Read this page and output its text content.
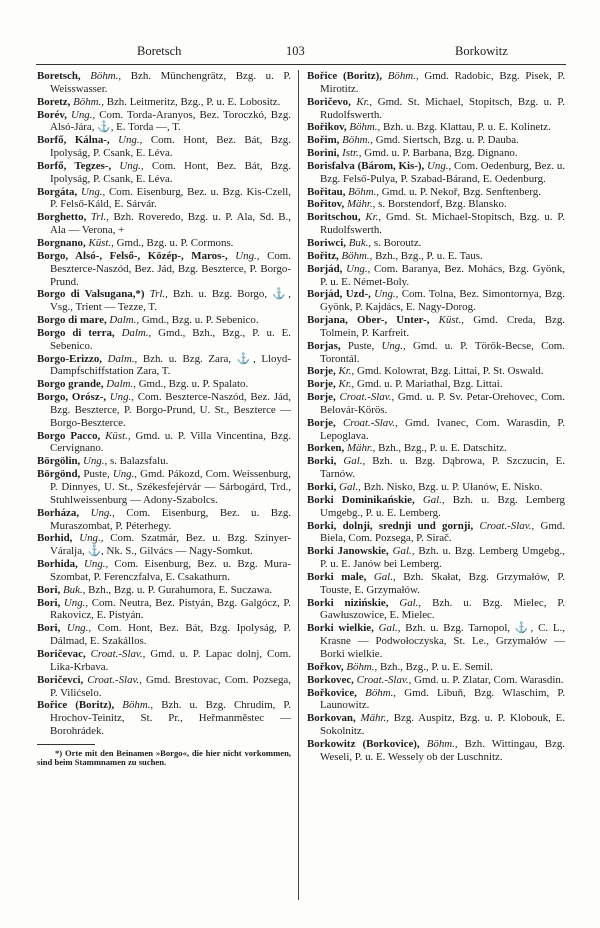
Boretsch	103	Borkowitz
Boretsch, Böhm., Bzh. Münchengrätz, Bzg. u. P. Weisswasser.
Boretz, Böhm., Bzh. Leitmeritz, Bzg., P. u. E. Lobositz.
Borév, Ung., Com. Torda-Aranyos, Bez. Toroczkó, Bzg. Alsó-Jára, ⚓, E. Torda —, T.
Borfő, Kálna-, Ung., Com. Hont, Bez. Bát, Bzg. Ipolyság, P. Csank, E. Léva.
Borfő, Tegzes-, Ung., Com. Hont, Bez. Bát, Bzg. Ipolyság, P. Csank, E. Léva.
Borgáta, Ung., Com. Eisenburg, Bez. u. Bzg. Kis-Czell, P. Felső-Káld, E. Sárvár.
Borghetto, Trl., Bzh. Roveredo, Bzg. u. P. Ala, Sd. B., Ala — Verona, +
Borgnano, Küst., Gmd., Bzg. u. P. Cormons.
Borgo, Alsó-, Felső-, Közép-, Maros-, Ung., Com. Beszterce-Naszód, Bez. Jád, Bzg. Beszterce, P. Borgo-Prund.
Borgo di Valsugana,*) Trl., Bzh. u. Bzg. Borgo, ⚓, Vsg., Trient — Tezze, T.
Borgo di mare, Dalm., Gmd., Bzg. u. P. Sebenico.
Borgo di terra, Dalm., Gmd., Bzh., Bzg., P. u. E. Sebenico.
Borgo-Erizzo, Dalm., Bzh. u. Bzg. Zara, ⚓, Lloyd-Dampfschiffstation Zara, T.
Borgo grande, Dalm., Gmd., Bzg. u. P. Spalato.
Borgo, Orósz-, Ung., Com. Beszterce-Naszód, Bez. Jád, Bzg. Beszterce, P. Borgo-Prund, U. St., Beszterce — Borgo-Beszterce.
Borgo Pacco, Küst., Gmd. u. P. Villa Vincentina, Bzg. Cervignano.
Börgölin, Ung., s. Balazsfalu.
Börgönd, Puste, Ung., Gmd. Pákozd, Com. Weissenburg, P. Dinnyes, U. St., Székesfejérvár — Sárbogárd, Trd., Stuhlweissenburg — Adony-Szabolcs.
Borháza, Ung., Com. Eisenburg, Bez. u. Bzg. Muraszombat, P. Péterhegy.
Borhid, Ung., Com. Szatmár, Bez. u. Bzg. Szinyer-Váralja, ⚓, Nk. S., Gilvács — Nagy-Somkut.
Borhida, Ung., Com. Eisenburg, Bez. u. Bzg. Mura-Szombat, P. Ferenczfalva, E. Csakathurn.
Bori, Buk., Bzh., Bzg. u. P. Gurahumora, E. Suczawa.
Bori, Ung., Com. Neutra, Bez. Pistyán, Bzg. Galgócz, P. Rakovicz, E. Pistyán.
Bori, Ung., Com. Hont, Bez. Bát, Bzg. Ipolyság, P. Dálmad, E. Szakállos.
Boričevac, Croat.-Slav., Gmd. u. P. Lapac dolnj, Com. Lika-Krbava.
Boričevci, Croat.-Slav., Gmd. Brestovac, Com. Pozsega, P. Vilićselo.
Bořice (Boritz), Böhm., Bzh. u. Bzg. Chrudim, P. Hrochov-Teinitz, St. Pr., Heřmanměstec — Borohrádek.
*) Orte mit den Beinamen »Borgo«, die hier nicht vorkommen, sind beim Stammnamen zu suchen.
Bořice (Boritz), Böhm., Gmd. Radobic, Bzg. Pisek, P. Mirotitz.
Boričevo, Kr., Gmd. St. Michael, Stopitsch, Bzg. u. P. Rudolfswerth.
Bořikov, Böhm., Bzh. u. Bzg. Klattau, P. u. E. Kolinetz.
Bořim, Böhm., Gmd. Siertsch, Bzg. u. P. Dauba.
Borini, Istr., Gmd. u. P. Barbana, Bzg. Dignano.
Borisfalva (Bárom, Kis-), Ung., Com. Oedenburg, Bez. u. Bzg. Felső-Pulya, P. Szabad-Bárand, E. Oedenburg.
Bořitau, Böhm., Gmd. u. P. Nekoř, Bzg. Senftenberg.
Bořitov, Mähr., s. Borstendorf, Bzg. Blansko.
Boritschou, Kr., Gmd. St. Michael-Stopitsch, Bzg. u. P. Rudolfswerth.
Boriwci, Buk., s. Boroutz.
Bořitz, Böhm., Bzh., Bzg., P. u. E. Taus.
Borjád, Ung., Com. Baranya, Bez. Mohács, Bzg. Gyönk, P. u. E. Német-Boly.
Borjád, Uzd-, Ung., Com. Tolna, Bez. Simontornya, Bzg. Gyönk, P. Kajdács, E. Nagy-Dorog.
Borjana, Ober-, Unter-, Küst., Gmd. Creda, Bzg. Tolmein, P. Karfreit.
Borjas, Puste, Ung., Gmd. u. P. Török-Becse, Com. Torontál.
Borje, Kr., Gmd. Kolowrat, Bzg. Littai, P. St. Oswald.
Borje, Kr., Gmd. u. P. Mariathal, Bzg. Littai.
Borje, Croat.-Slav., Gmd. u. P. Sv. Petar-Orehovec, Com. Belovár-Körös.
Borje, Croat.-Slav., Gmd. Ivanec, Com. Warasdin, P. Lepoglava.
Borken, Mähr., Bzh., Bzg., P. u. E. Datschitz.
Borki, Gal., Bzh. u. Bzg. Dąbrowa, P. Szczucin, E. Tarnów.
Borki, Gal., Bzh. Nisko, Bzg. u. P. Ułanów, E. Nisko.
Borki Dominikańskie, Gal., Bzh. u. Bzg. Lemberg Umgebg., P. u. E. Lemberg.
Borki, dolnji, srednji und gornji, Croat.-Slav., Gmd. Biela, Com. Pozsega, P. Sirač.
Borki Janowskie, Gal., Bzh. u. Bzg. Lemberg Umgebg., P. u. E. Janów bei Lemberg.
Borki male, Gal., Bzh. Skałat, Bzg. Grzymałów, P. Touste, E. Grzymałów.
Borki nizińskie, Gal., Bzh. u. Bzg. Mielec, P. Gawłuszowice, E. Mielec.
Borki wielkie, Gal., Bzh. u. Bzg. Tarnopol, ⚓, C. L., Krasne — Podwołoczyska, St. Le., Grzymałów — Borki wielkie.
Bořkov, Böhm., Bzh., Bzg., P. u. E. Semil.
Borkovec, Croat.-Slav., Gmd. u. P. Zlatar, Com. Warasdin.
Bořkovice, Böhm., Gmd. Libuň, Bzg. Wlaschim, P. Launowitz.
Borkovan, Mähr., Bzg. Auspitz, Bzg. u. P. Klobouk, E. Sokolnitz.
Borkowitz (Borkovice), Böhm., Bzh. Wittingau, Bzg. Weseli, P. u. E. Wessely ob der Luschnitz.
